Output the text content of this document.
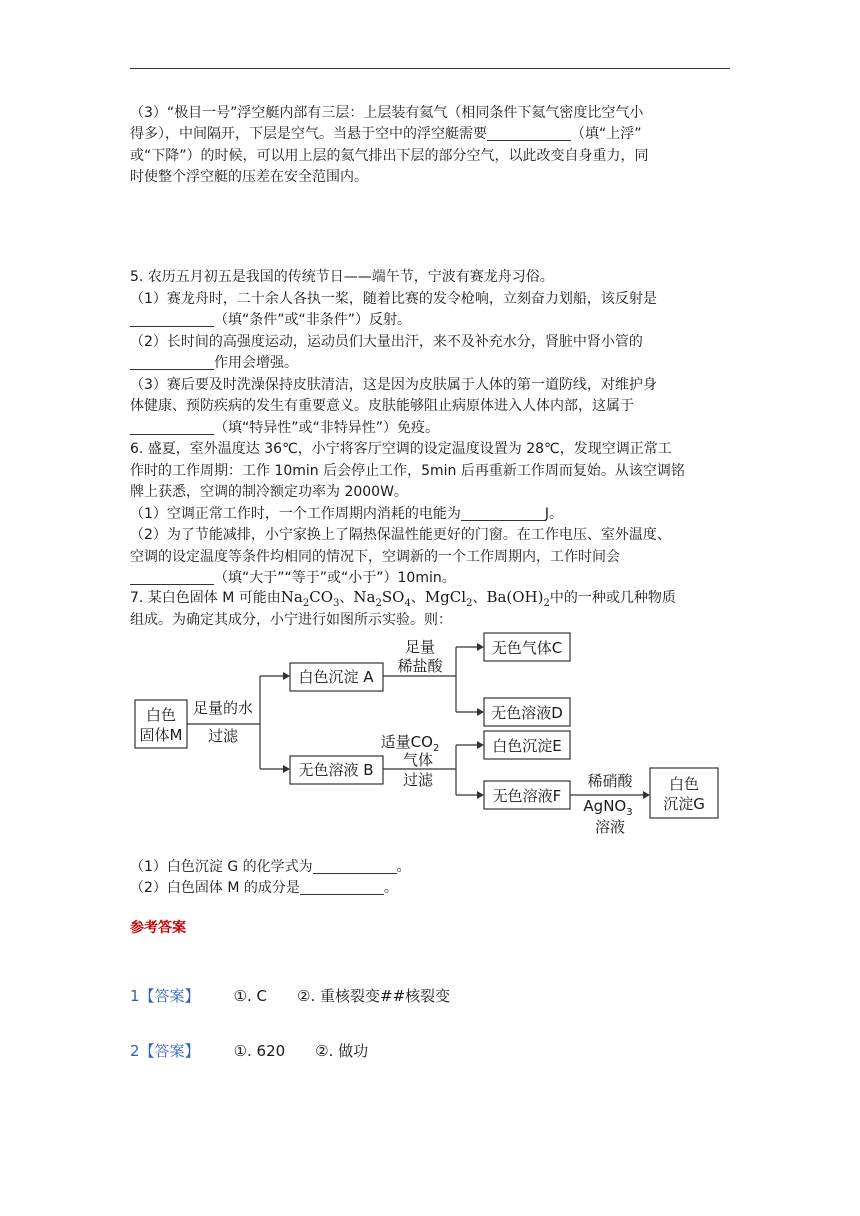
（3）“极目一号”浮空艇内部有三层：上层装有氦气（相同条件下氦气密度比空气小

得多），中间隔开，下层是空气。当悬于空中的浮空艇需要	（填“上浮”

或“下降”）的时候，可以用上层的氦气排出下层的部分空气，以此改变自身重力，同

时使整个浮空艇的压差在安全范围内。

5. 农历五月初五是我国的传统节日——端午节，宁波有赛龙舟习俗。

（1）赛龙舟时，二十余人各执一桨，随着比赛的发令枪响，立刻奋力划船，该反射是

（填“条件”或“非条件”）反射。

（2）长时间的高强度运动，运动员们大量出汗，来不及补充水分，肾脏中肾小管的

作用会增强。

（3）赛后要及时洗澡保持皮肤清洁，这是因为皮肤属于人体的第一道防线，对维护身

体健康、预防疾病的发生有重要意义。皮肤能够阻止病原体进入人体内部，这属于

（填“特异性”或“非特异性”）免疫。

6. 盛夏，室外温度达 36℃，小宁将客厅空调的设定温度设置为 28℃，发现空调正常工

作时的工作周期：工作 10min 后会停止工作，5min 后再重新工作周而复始。从该空调铭

牌上获悉，空调的制冷额定功率为 2000W。

（1）空调正常工作时，一个工作周期内消耗的电能为	J。

（2）为了节能减排，小宁家换上了隔热保温性能更好的门窗。在工作电压、室外温度、

空调的设定温度等条件均相同的情况下，空调新的一个工作周期内，工作时间会

（填“大于”“等于”或“小于”）10min。

7. 某白色固体 M 可能由$Na_2CO_3$、$Na_2SO_4$、MgCl$_2$、$Ba(OH)_2$中的一种或几种物质

组成。为确定其成分，小宁进行如图所示实验。则：

白色
固体M
足量的水
过滤
白色沉淀 A
无色溶液 B
足量
稀盐酸
无色气体C
无色溶液D
适量$CO_2$
气体
过滤
白色沉淀E
无色溶液F
稀硝酸
AgNO$_3$
溶液
白色
沉淀G

（1）白色沉淀 G 的化学式为	。

（2）白色固体 M 的成分是	。

参考答案

1【答案】 ①. C　　②. 重核裂变##核裂变

2【答案】 ①. 620　　②. 做功
